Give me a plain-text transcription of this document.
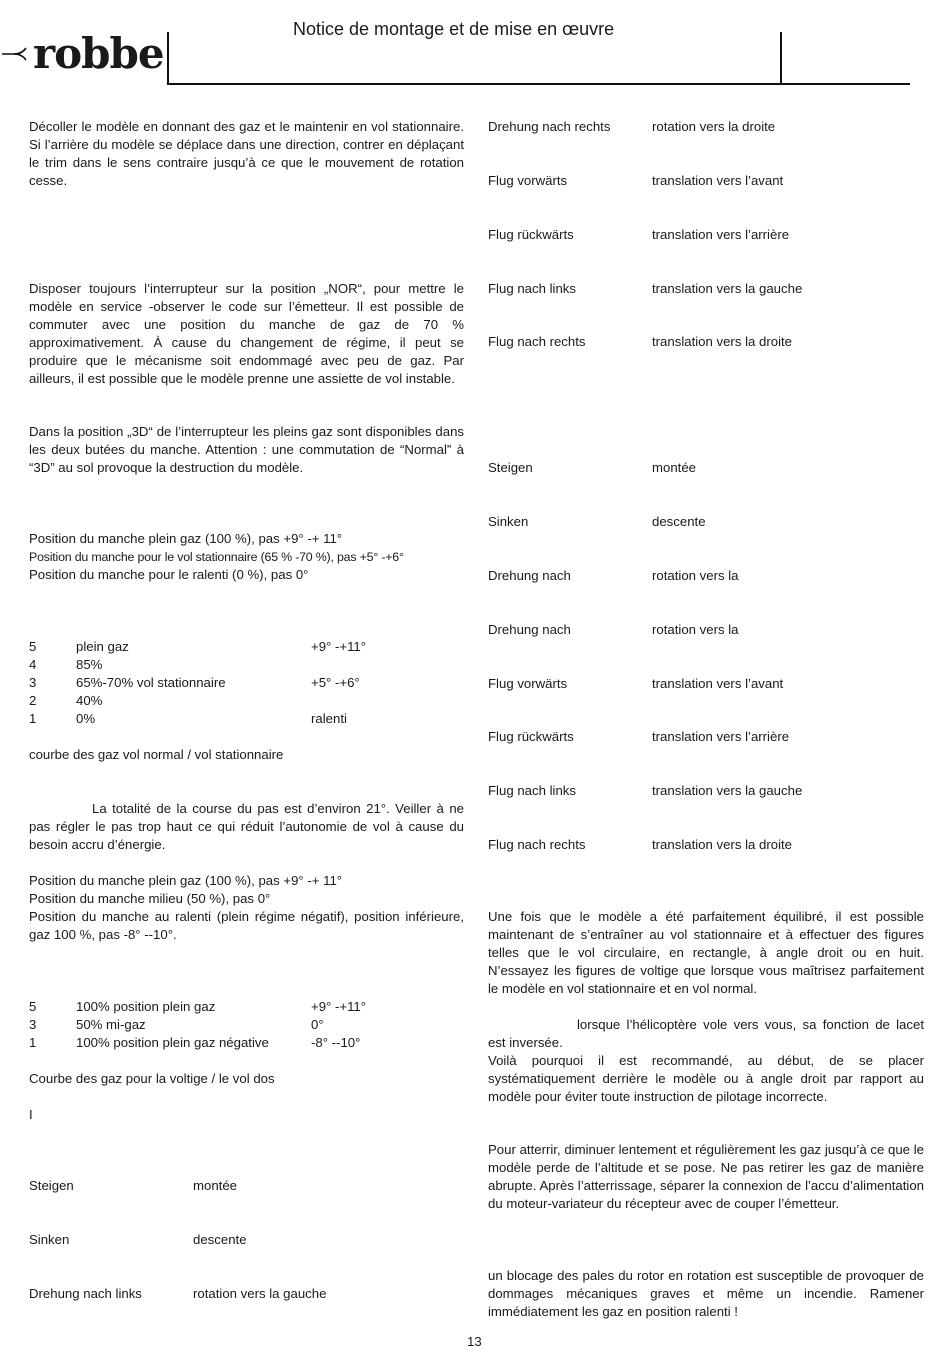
Notice de montage et de mise en œuvre
robbe

Décoller le modèle en donnant des gaz et le maintenir en vol stationnaire. Si l’arrière du modèle se déplace dans une direction, contrer en déplaçant le trim dans le sens contraire jusqu’à ce que le mouvement de rotation cesse.

Disposer toujours l’interrupteur sur la position „NOR“, pour mettre le modèle en service -observer le code sur l’émetteur. Il est possible de commuter avec une position du manche de gaz de 70 % approximativement. À cause du changement de régime, il peut se produire que le mécanisme soit endommagé avec peu de gaz. Par ailleurs, il est possible que le modèle prenne une assiette de vol instable.

Dans la position „3D“ de l’interrupteur les pleins gaz sont disponibles dans les deux butées du manche. Attention : une commutation de “Normal” à “3D” au sol provoque la destruction du modèle.

Position du manche plein gaz (100 %), pas +9° -+ 11°
Position du manche pour le vol stationnaire (65 % -70 %), pas +5° -+6°
Position du manche pour le ralenti (0 %), pas 0°
5	plein gaz	+9° -+11°
4	85%
3	65%-70% vol stationnaire	+5° -+6°
2	40%
1	0%	ralenti
courbe des gaz vol normal / vol stationnaire

La totalité de la course du pas est d’environ 21°. Veiller à ne pas régler le pas trop haut ce qui réduit l’autonomie de vol à cause du besoin accru d’énergie.

Position du manche plein gaz (100 %), pas +9° -+ 11°
Position du manche milieu (50 %), pas 0°

Position du manche au ralenti (plein régime négatif), position inférieure, gaz 100 %, pas -8° --10°.

5	100% position plein gaz	+9° -+11°
3	50% mi-gaz	0°
1	100% position plein gaz négative	-8° --10°
Courbe des gaz pour la voltige / le vol dos
I
Steigen	montée
Sinken	descente
Drehung nach links	rotation vers la gauche
Drehung nach rechts	rotation vers la droite
Flug vorwärts	translation vers l’avant
Flug rückwärts	translation vers l’arrière
Flug nach links	translation vers la gauche
Flug nach rechts	translation vers la droite
Steigen	montée
Sinken	descente
Drehung nach	rotation vers la
Drehung nach	rotation vers la
Flug vorwärts	translation vers l’avant
Flug rückwärts	translation vers l’arrière
Flug nach links	translation vers la gauche
Flug nach rechts	translation vers la droite

Une fois que le modèle a été parfaitement équilibré, il est possible maintenant de s’entraîner au vol stationnaire et à effectuer des figures telles que le vol circulaire, en rectangle, à angle droit ou en huit. N’essayez les figures de voltige que lorsque vous maîtrisez parfaitement le modèle en vol stationnaire et en vol normal.

lorsque l’hélicoptère vole vers vous, sa fonction de lacet est inversée.

Voilà pourquoi il est recommandé, au début, de se placer systématiquement derrière le modèle ou à angle droit par rapport au modèle pour éviter toute instruction de pilotage incorrecte.

Pour atterrir, diminuer lentement et régulièrement les gaz jusqu’à ce que le modèle perde de l’altitude et se pose. Ne pas retirer les gaz de manière abrupte. Après l’atterrissage, séparer la connexion de l’accu d’alimentation du moteur-variateur du récepteur avec de couper l’émetteur.

un blocage des pales du rotor en rotation est susceptible de provoquer de dommages mécaniques graves et même un incendie. Ramener immédiatement les gaz en position ralenti !

13
